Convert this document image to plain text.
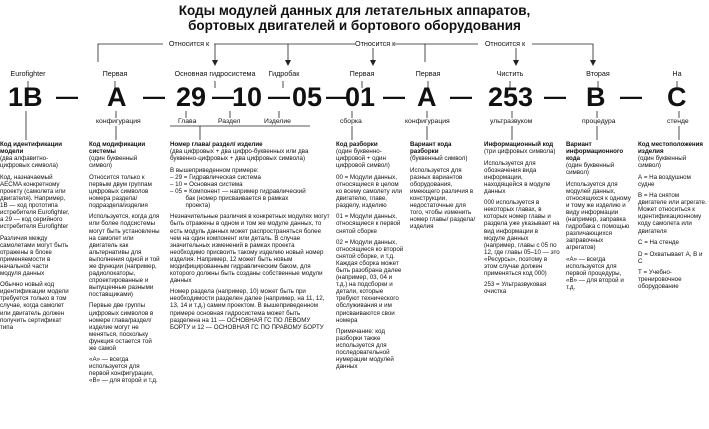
Коды модулей данных для летательных аппаратов,
бортовых двигателей и бортового оборудования
Относится к	Относится к
Относится к
Eurofighter	Первая	Основная гидросистема	Гидробак	Первая	Первая	Чистить	Вторая	На
1B — A — 29 —
10 — 05 —
01 — A — 253 — B — C
конфигурация	Глава	Раздел	Изделие	сборка	конфигурация	ультразвуком	процедура	стенде

Код идентификации модели
(два алфавитно-цифровых символа)

Код, назначаемый AECMA конкретному проекту (самолета или двигателя). Например, 1В — код прототипа истребителя Eurofighter, а 29 — код серийного истребителя Eurofighter

Различия между самолетами могут быть отражены в блоке применяемости в начальной части модуля данных

Обычно новый код идентификации модели требуется только в том случае, когда самолет или двигатель должен получить сертификат типа

Код модификации системы
(один буквенный символ)

Относится только к первым двум группам цифровых символов номера раздела/подраздела/изделия

Используется, когда для или более подсистемы могут быть установлены на самолет или двигатель как альтернативы для выполнения одной и той же функции (например, радиолокаторы, спроектированные и выпущенные разными поставщиками)

Первые две группы цифровых символов в номере глава/раздел/изделие могут не меняться, поскольку функция остается той же самой

«А» — всегда используется для первой конфигурации, «В» — для второй и т.д.

Номер глава/ раздел/ изделие
(два цифровых + два цифро-буквенных или два буквенно-цифровых + два цифровых символа)

В вышеприведенном примере:
– 29 = Гидравлическая система
– 10 = Основная система
– 05 = Компонент — например гидравлический
бак (номер присваивается в рамках
проекта)

Незначительные различия в конкретных модулях могут быть отражены в одном и том же модуле данных, то есть модуль данных может распространяться более чем на один компонент или деталь. В случае значительных изменений в рамках проекта необходимо присвоить такому изделию новый номер изделия. Например, 12 может быть новым модифицированным гидравлическим баком, для которого должны быть созданы собственные модули данных

Номер раздела (например, 10) может быть при необходимости разделен далее (например, на 11, 12, 13, 14 и т.д.) самим проектом. В вышеприведенном примере основная гидросистема может быть разделена на 11 — ОСНОВНАЯ ГС ПО ЛЕВОМУ БОРТУ и 12 — ОСНОВНАЯ ГС ПО ПРАВОМУ БОРТУ

Код разборки
(один буквенно-цифровой + один цифровой символ)

00 = Модули данных, относящиеся в целом ко всему самолету или двигателю, главе, разделу, изделию

01 = Модули данных, относящиеся к первой снятой сборке

02 = Модули данных, относящиеся ко второй снятой сборке, и т.д. Каждая сборка может быть разобрана далее (например, 03, 04 и т.д.) на подсборки и детали, которые требуют технического обслуживания и им присваиваются свои номера

Примечание: код разборки также используется для последовательной нумерации модулей данных

Вариант кода разборки
(буквенный символ)

Используется для разных вариантов оборудования, имеющего различия в конструкции, недостаточные для того, чтобы изменить номер главы/ раздела/изделия

Информационный код
(три цифровых символа)

Используется для обозначения вида информации, находящейся в модуле данных

000 используется в некоторых главах, в которых номер главы и раздела уже указывает на вид информации в модуле данных (например, главы с 05 по 12, где главы 05–10 — это «Ресурсы», поэтому в этом случае должен применяться код 000)

253 = Ультразвуковая очистка

Вариант информационного кода
(один буквенный символ)

Используется для модулей данных, относящихся к одному и тому же изделию и виду информации (например, заправка гидробака с помощью различающихся заправочных агрегатов)

«А» — всегда используется для первой процедуры, «В» — для второй и т.д.

Код местоположения изделия
(один буквенный символ)

А = На воздушном судне

В = На снятом двигателе или агрегате. Может относиться к идентификационному коду самолета или двигателя

С = На стенде

D = Охватывает А, В и С

Т = Учебно-тренировочное оборудование
